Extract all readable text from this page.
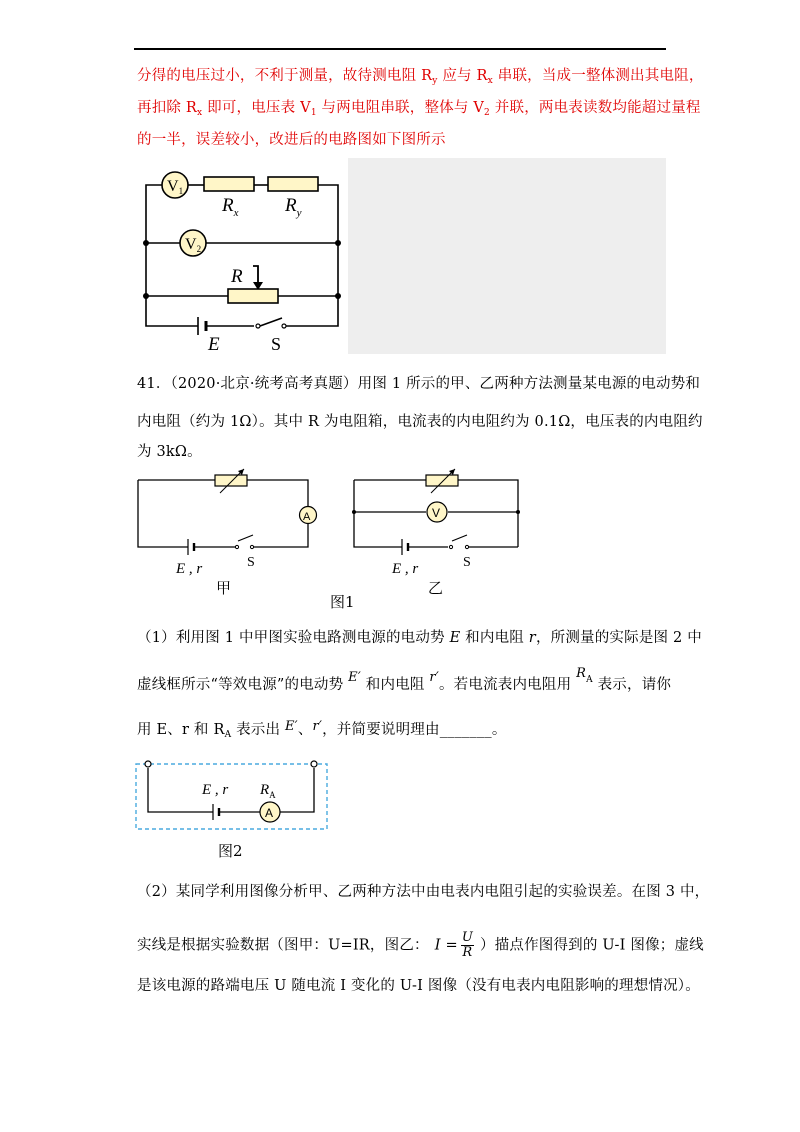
分得的电压过小，不利于测量，故待测电阻 $R_y$ 应与 $R_x$ 串联，当成一整体测出其电阻，
再扣除 $R_x$ 即可，电压表 $V_1$ 与两电阻串联，整体与 $V_2$ 并联，两电表读数均能超过量程
的一半，误差较小，改进后的电路图如下图所示
V1
$R_x$ $R_y$
V2
R
E	S
41．（2020·北京·统考高考真题）用图 1 所示的甲、乙两种方法测量某电源的电动势和
内电阻（约为 1Ω）。其中 R 为电阻箱，电流表的内电阻约为 0.1Ω，电压表的内电阻约
为 3kΩ。
A
E , r	S
甲
V
E , r	S
乙
图1
（1）利用图 1 中甲图实验电路测电源的电动势 E 和内电阻 r，所测量的实际是图 2 中
虚线框所示“等效电源”的电动势 E′ 和内电阻 r′。若电流表内电阻用 $R^A$ 表示，请你
用 E、r 和 $R_A$ 表示出 E′、r′，并简要说明理由_______。
A
E , r $R_A$
图2
（2）某同学利用图像分析甲、乙两种方法中由电表内电阻引起的实验误差。在图 3 中，
实线是根据实验数据（图甲：U=IR，图乙： $I = \frac{U}{R}$ ）描点作图得到的 U-I 图像；虚线
是该电源的路端电压 U 随电流 I 变化的 U-I 图像（没有电表内电阻影响的理想情况）。
